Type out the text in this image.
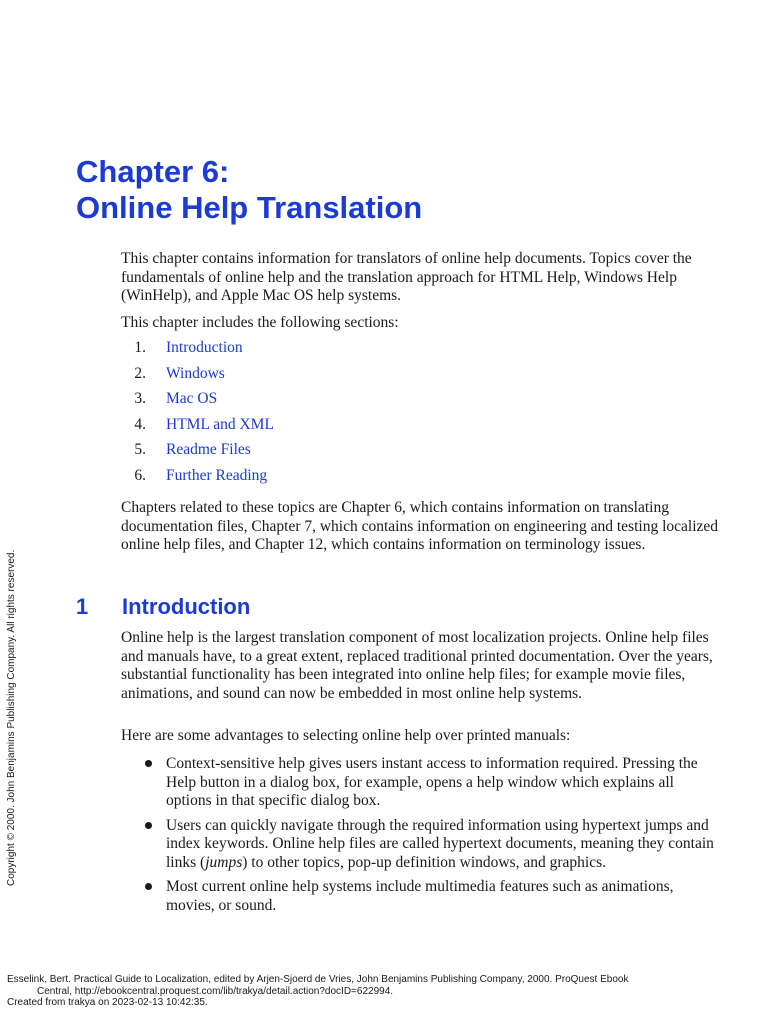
Chapter 6:
Online Help Translation

This chapter contains information for translators of online help documents. Topics cover the fundamentals of online help and the translation approach for HTML Help, Windows Help (WinHelp), and Apple Mac OS help systems.

This chapter includes the following sections:

1. Introduction
2. Windows
3. Mac OS
4. HTML and XML
5. Readme Files
6. Further Reading

Chapters related to these topics are Chapter 6, which contains information on translating documentation files, Chapter 7, which contains information on engineering and testing localized online help files, and Chapter 12, which contains information on terminology issues.

1 Introduction

Online help is the largest translation component of most localization projects. Online help files and manuals have, to a great extent, replaced traditional printed documentation. Over the years, substantial functionality has been integrated into online help files; for example movie files, animations, and sound can now be embedded in most online help systems.

Here are some advantages to selecting online help over printed manuals:

Context-sensitive help gives users instant access to information required. Pressing the Help button in a dialog box, for example, opens a help window which explains all options in that specific dialog box.
Users can quickly navigate through the required information using hypertext jumps and index keywords. Online help files are called hypertext documents, meaning they contain links (jumps) to other topics, pop-up definition windows, and graphics.
Most current online help systems include multimedia features such as animations, movies, or sound.
Copyright © 2000. John Benjamins Publishing Company. All rights reserved.
Esselink, Bert. Practical Guide to Localization, edited by Arjen-Sjoerd de Vries, John Benjamins Publishing Company, 2000. ProQuest Ebook
Central, http://ebookcentral.proquest.com/lib/trakya/detail.action?docID=622994.
Created from trakya on 2023-02-13 10:42:35.
